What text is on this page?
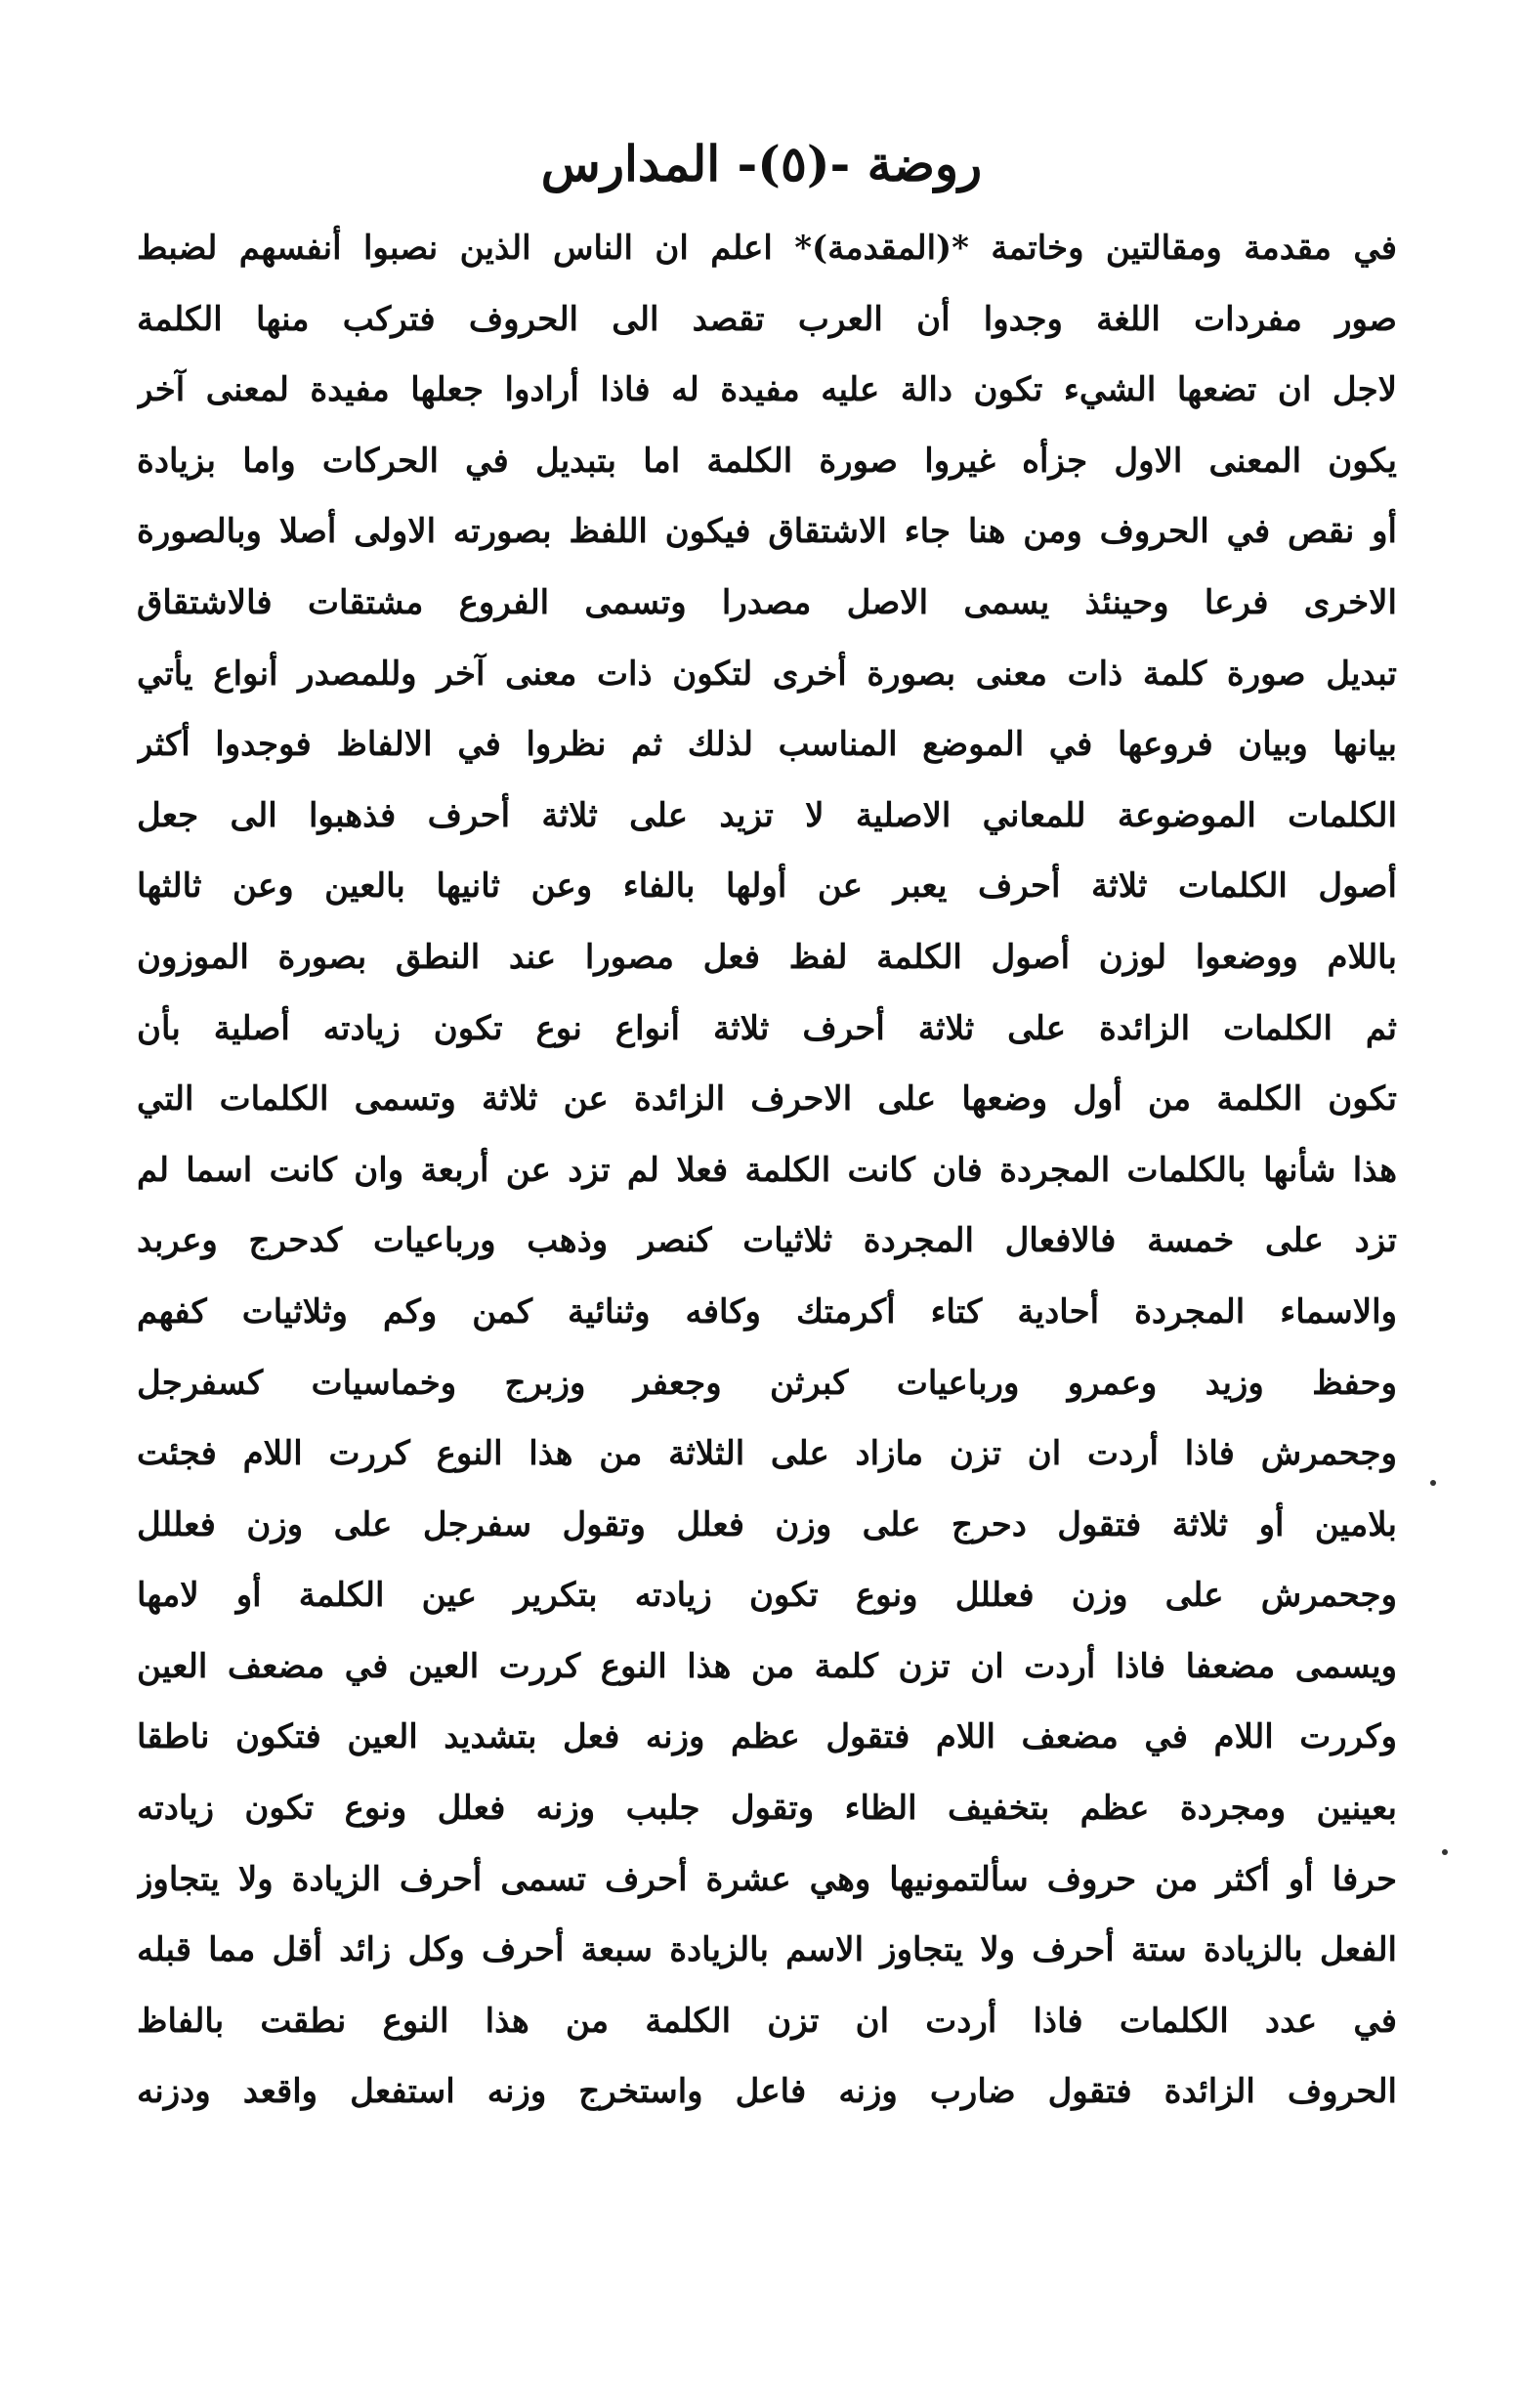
روضة -(٥)- المدارس
في مقدمة ومقالتين وخاتمة *(المقدمة)* اعلم ان الناس الذين نصبوا أنفسهم لضبط
صور مفردات اللغة وجدوا أن العرب تقصد الى الحروف فتركب منها الكلمة
لاجل ان تضعها الشيء تكون دالة عليه مفيدة له فاذا أرادوا جعلها مفيدة لمعنى آخر
يكون المعنى الاول جزأه غيروا صورة الكلمة اما بتبديل في الحركات واما بزيادة
أو نقص في الحروف ومن هنا جاء الاشتقاق فيكون اللفظ بصورته الاولى أصلا وبالصورة
الاخرى فرعا وحينئذ يسمى الاصل مصدرا وتسمى الفروع مشتقات فالاشتقاق
تبديل صورة كلمة ذات معنى بصورة أخرى لتكون ذات معنى آخر وللمصدر أنواع يأتي
بيانها وبيان فروعها في الموضع المناسب لذلك ثم نظروا في الالفاظ فوجدوا أكثر
الكلمات الموضوعة للمعاني الاصلية لا تزيد على ثلاثة أحرف فذهبوا الى جعل
أصول الكلمات ثلاثة أحرف يعبر عن أولها بالفاء وعن ثانيها بالعين وعن ثالثها
باللام ووضعوا لوزن أصول الكلمة لفظ فعل مصورا عند النطق بصورة الموزون
ثم الكلمات الزائدة على ثلاثة أحرف ثلاثة أنواع نوع تكون زيادته أصلية بأن
تكون الكلمة من أول وضعها على الاحرف الزائدة عن ثلاثة وتسمى الكلمات التي
هذا شأنها بالكلمات المجردة فان كانت الكلمة فعلا لم تزد عن أربعة وان كانت اسما لم
تزد على خمسة فالافعال المجردة ثلاثيات كنصر وذهب ورباعيات كدحرج وعربد
والاسماء المجردة أحادية كتاء أكرمتك وكافه وثنائية كمن وكم وثلاثيات كفهم
وحفظ وزيد وعمرو ورباعيات كبرثن وجعفر وزبرج وخماسيات كسفرجل
وجحمرش فاذا أردت ان تزن مازاد على الثلاثة من هذا النوع كررت اللام فجئت
بلامين أو ثلاثة فتقول دحرج على وزن فعلل وتقول سفرجل على وزن فعللل
وجحمرش على وزن فعللل ونوع تكون زيادته بتكرير عين الكلمة أو لامها
ويسمى مضعفا فاذا أردت ان تزن كلمة من هذا النوع كررت العين في مضعف العين
وكررت اللام في مضعف اللام فتقول عظم وزنه فعل بتشديد العين فتكون ناطقا
بعينين ومجردة عظم بتخفيف الظاء وتقول جلبب وزنه فعلل ونوع تكون زيادته
حرفا أو أكثر من حروف سألتمونيها وهي عشرة أحرف تسمى أحرف الزيادة ولا يتجاوز
الفعل بالزيادة ستة أحرف ولا يتجاوز الاسم بالزيادة سبعة أحرف وكل زائد أقل مما قبله
في عدد الكلمات فاذا أردت ان تزن الكلمة من هذا النوع نطقت بالفاظ
الحروف الزائدة فتقول ضارب وزنه فاعل واستخرج وزنه استفعل واقعد ودزنه
